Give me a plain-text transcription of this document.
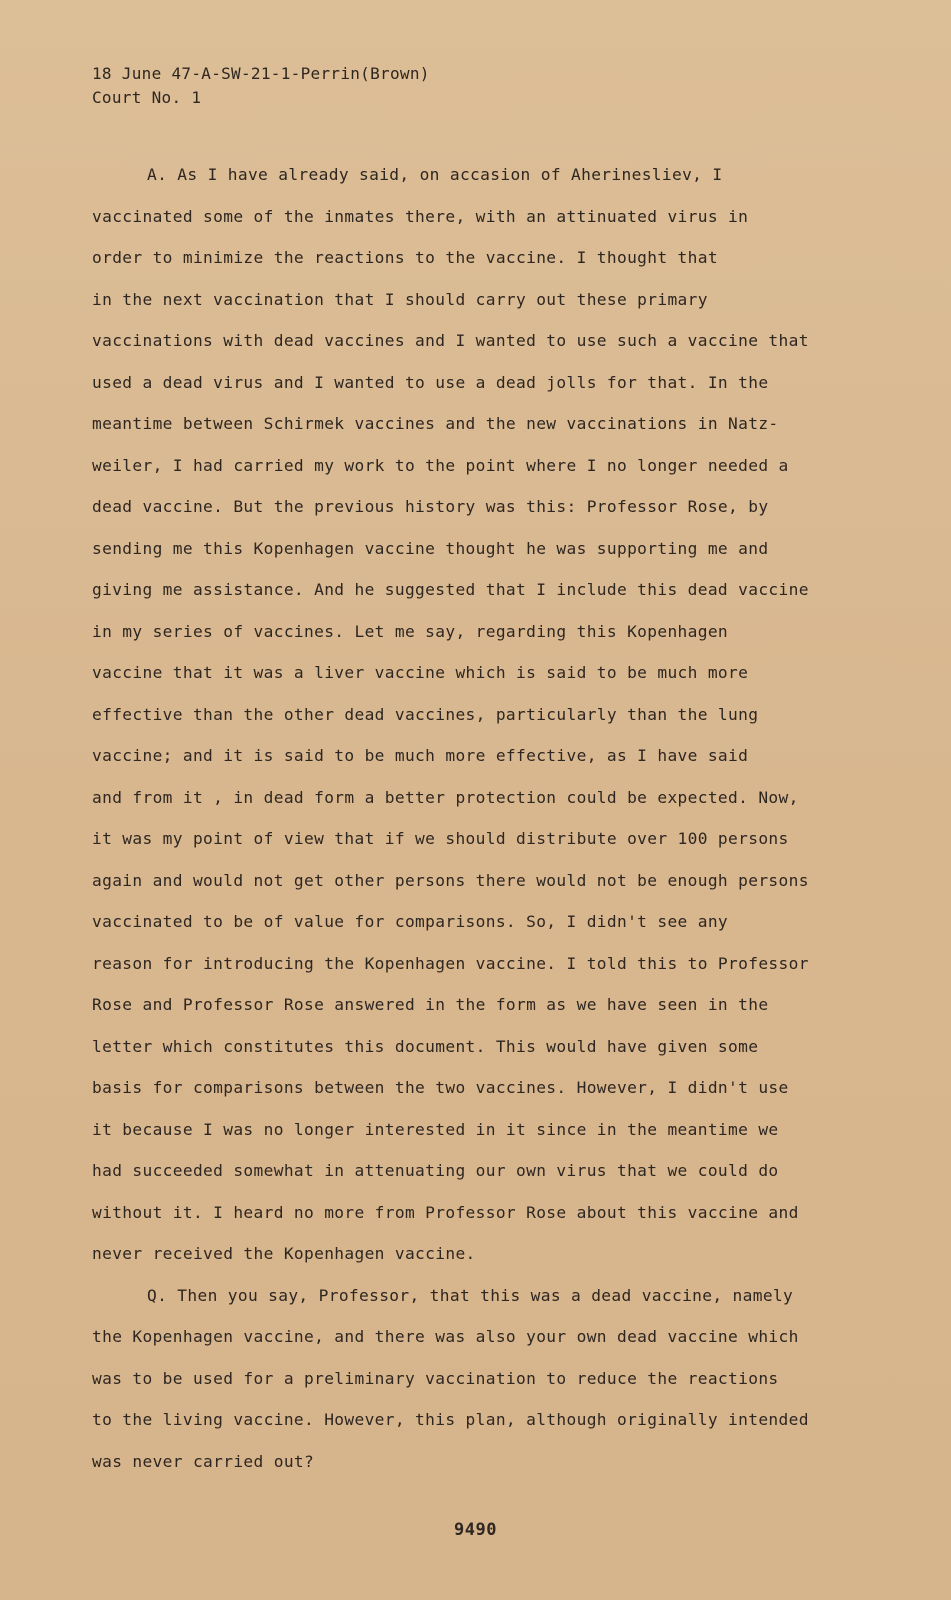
18 June 47-A-SW-21-1-Perrin(Brown)
Court No. 1
A. As I have already said, on accasion of Aherinesliev, I
vaccinated some of the inmates there, with an attinuated virus in
order to minimize the reactions to the vaccine. I thought that
in the next vaccination that I should carry out these primary
vaccinations with dead vaccines and I wanted to use such a vaccine that
used a dead virus and I wanted to use a dead jolls for that. In the
meantime between Schirmek vaccines and the new vaccinations in Natz-
weiler, I had carried my work to the point where I no longer needed a
dead vaccine. But the previous history was this: Professor Rose, by
sending me this Kopenhagen vaccine thought he was supporting me and
giving me assistance. And he suggested that I include this dead vaccine
in my series of vaccines. Let me say, regarding this Kopenhagen
vaccine that it was a liver vaccine which is said to be much more
effective than the other dead vaccines, particularly than the lung
vaccine; and it is said to be much more effective, as I have said
and from it , in dead form a better protection could be expected. Now,
it was my point of view that if we should distribute over 100 persons
again and would not get other persons there would not be enough persons
vaccinated to be of value for comparisons. So, I didn't see any
reason for introducing the Kopenhagen vaccine. I told this to Professor
Rose and Professor Rose answered in the form as we have seen in the
letter which constitutes this document. This would have given some
basis for comparisons between the two vaccines. However, I didn't use
it because I was no longer interested in it since in the meantime we
had succeeded somewhat in attenuating our own virus that we could do
without it. I heard no more from Professor Rose about this vaccine and
never received the Kopenhagen vaccine.
Q. Then you say, Professor, that this was a dead vaccine, namely
the Kopenhagen vaccine, and there was also your own dead vaccine which
was to be used for a preliminary vaccination to reduce the reactions
to the living vaccine. However, this plan, although originally intended
was never carried out?
9490
